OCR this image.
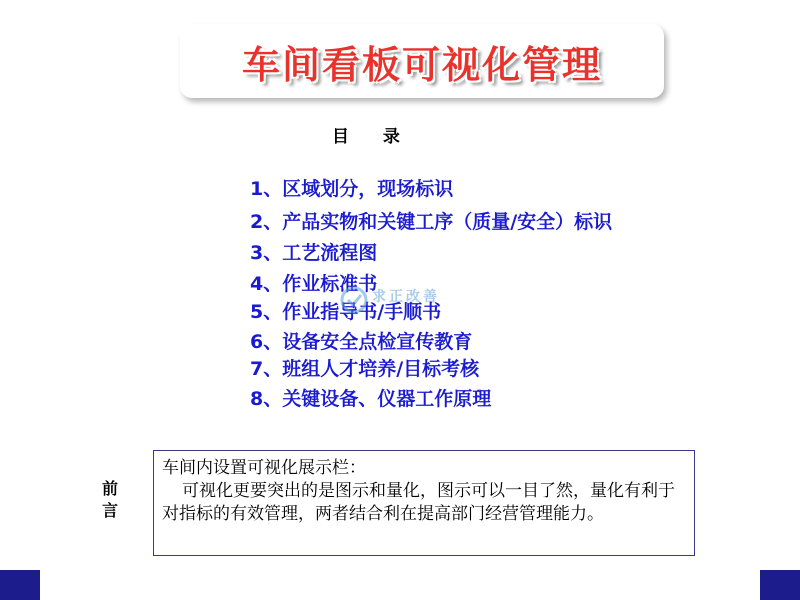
车间看板可视化管理
目 录
1、区域划分，现场标识
2、产品实物和关键工序（质量/安全）标识
3、工艺流程图
4、作业标准书
5、作业指导书/手顺书
6、设备安全点检宣传教育
7、班组人才培养/目标考核
8、关键设备、仪器工作原理
求正改善
前言
车间内设置可视化展示栏：

可视化更要突出的是图示和量化，图示可以一目了然，量化有利于对指标的有效管理，两者结合利在提高部门经营管理能力。
